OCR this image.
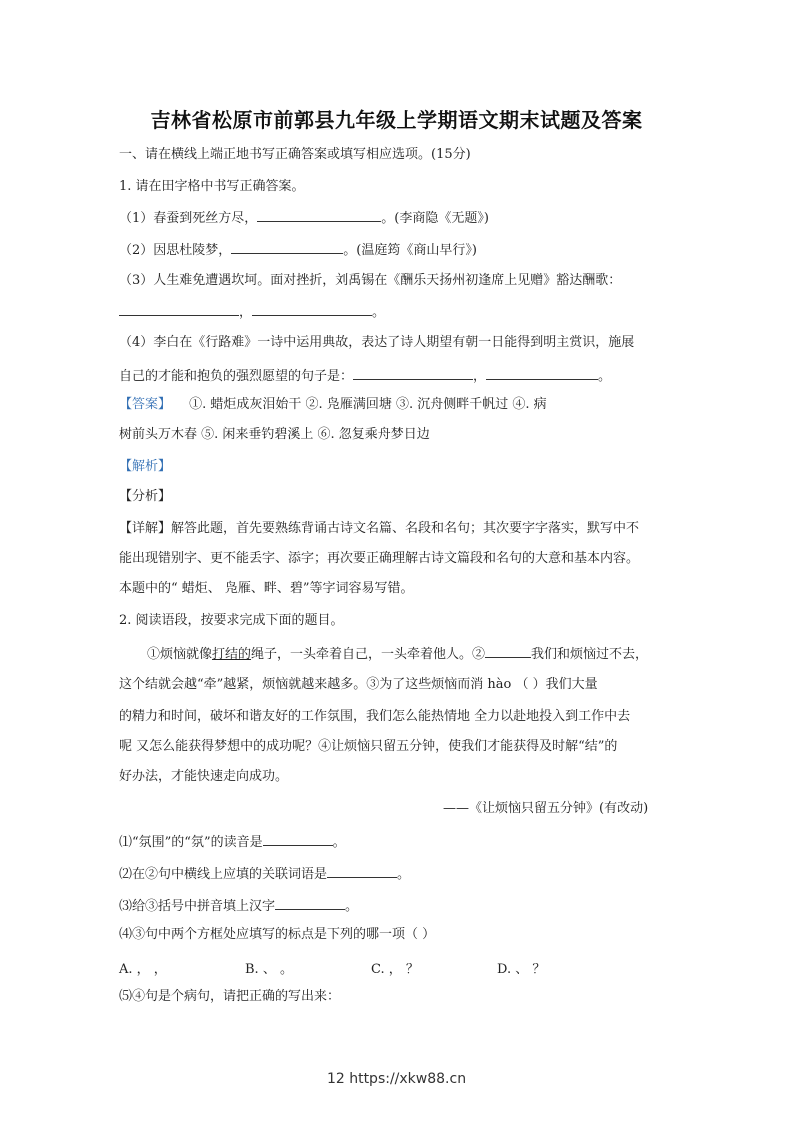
吉林省松原市前郭县九年级上学期语文期末试题及答案
一、请在横线上端正地书写正确答案或填写相应选项。(15分)
1. 请在田字格中书写正确答案。
（1）春蚕到死丝方尽，	。(李商隐《无题》)
（2）因思杜陵梦，	。(温庭筠《商山早行》)
（3）人生难免遭遇坎坷。面对挫折，刘禹锡在《酬乐天扬州初逢席上见赠》豁达酬歌：
，	。
（4）李白在《行路难》一诗中运用典故，表达了诗人期望有朝一日能得到明主赏识，施展
自己的才能和抱负的强烈愿望的句子是：	，	。
【答案】 ①. 蜡炬成灰泪始干 ②. 凫雁满回塘 ③. 沉舟侧畔千帆过 ④. 病
树前头万木春 ⑤. 闲来垂钓碧溪上 ⑥. 忽复乘舟梦日边
【解析】
【分析】
【详解】解答此题，首先要熟练背诵古诗文名篇、名段和名句；其次要字字落实，默写中不
能出现错别字、更不能丢字、添字；再次要正确理解古诗文篇段和名句的大意和基本内容。
本题中的“ 蜡炬、 凫雁、畔、碧”等字词容易写错。
2. 阅读语段，按要求完成下面的题目。
①烦恼就像打结的绳子，一头牵着自己，一头牵着他人。②	我们和烦恼过不去，
这个结就会越“牵”越紧，烦恼就越来越多。③为了这些烦恼而消 hào （ ）我们大量
的精力和时间，破坏和谐友好的工作氛围，我们怎么能热情地 全力以赴地投入到工作中去
呢 又怎么能获得梦想中的成功呢？④让烦恼只留五分钟，使我们才能获得及时解“结”的
好办法，才能快速走向成功。
——《让烦恼只留五分钟》(有改动)
⑴“氛围”的“氛”的读音是	。
⑵在②句中横线上应填的关联词语是	。
⑶给③括号中拼音填上汉字	。
⑷③句中两个方框处应填写的标点是下列的哪一项（ ）
A. ， ，	B. 、 。	C. ， ？	D. 、 ？
⑸④句是个病句，请把正确的写出来：
12 https://xkw88.cn
